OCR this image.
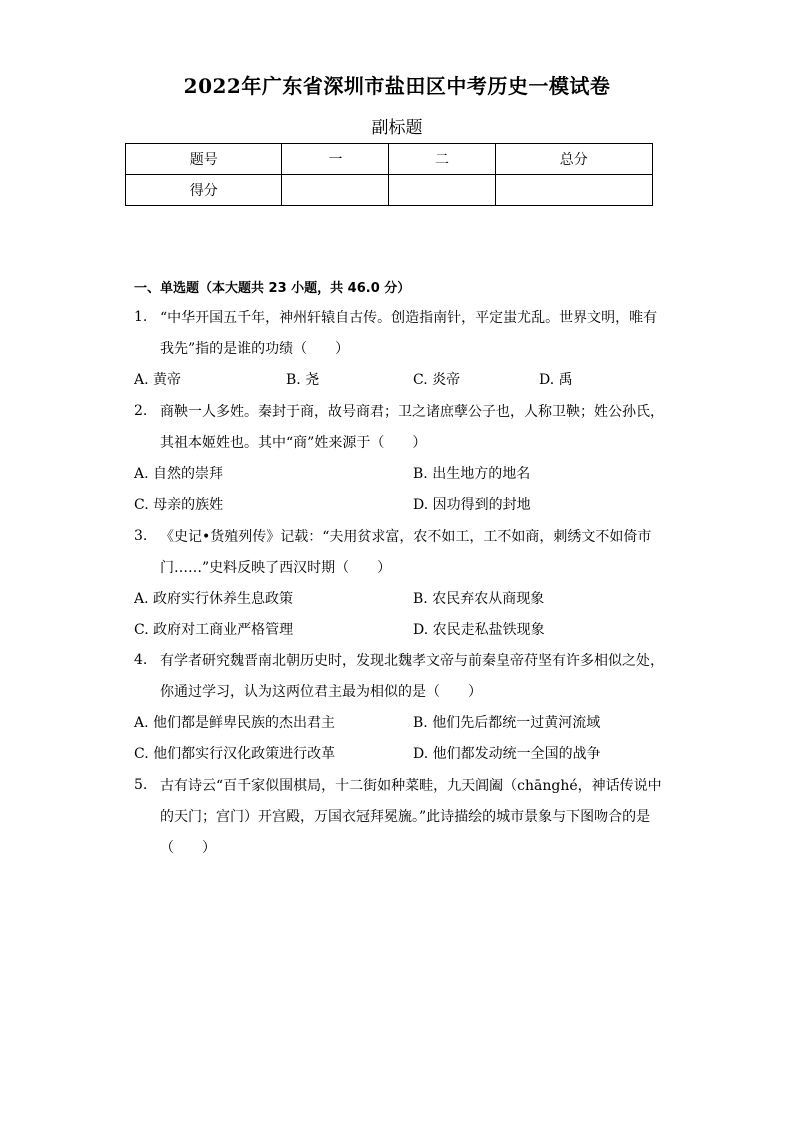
2022年广东省深圳市盐田区中考历史一模试卷
副标题
题号	一	二	总分
得分			
一、单选题（本大题共 23 小题，共 46.0 分）
1. “中华开国五千年，神州轩辕自古传。创造指南针，平定蚩尤乱。世界文明，唯有
我先”指的是谁的功绩（　　）
A. 黄帝	B. 尧	C. 炎帝	D. 禹
2. 商鞅一人多姓。秦封于商，故号商君；卫之诸庶孽公子也，人称卫鞅；姓公孙氏，
其祖本姬姓也。其中“商”姓来源于（　　）
A. 自然的崇拜	B. 出生地方的地名
C. 母亲的族姓	D. 因功得到的封地
3. 《史记•货殖列传》记载：“夫用贫求富，农不如工，工不如商，刺绣文不如倚市
门……”史料反映了西汉时期（　　）
A. 政府实行休养生息政策	B. 农民弃农从商现象
C. 政府对工商业严格管理	D. 农民走私盐铁现象
4. 有学者研究魏晋南北朝历史时，发现北魏孝文帝与前秦皇帝苻坚有许多相似之处，
你通过学习，认为这两位君主最为相似的是（　　）
A. 他们都是鲜卑民族的杰出君主	B. 他们先后都统一过黄河流域
C. 他们都实行汉化政策进行改革	D. 他们都发动统一全国的战争
5. 古有诗云“百千家似围棋局，十二街如种菜畦，九天阊阖（chānghé，神话传说中
的天门；宫门）开宫殿，万国衣冠拜冕旒。”此诗描绘的城市景象与下图吻合的是
（　　）
